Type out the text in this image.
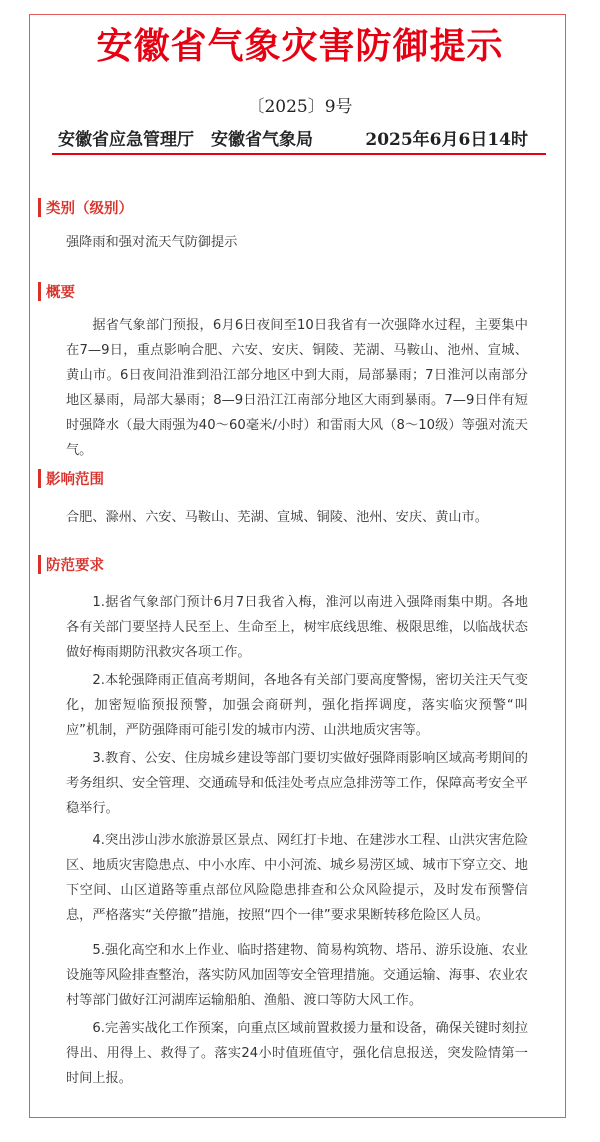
安徽省气象灾害防御提示
〔2025〕9号
安徽省应急管理厅　安徽省气象局	2025年6月6日14时
类别（级别）
强降雨和强对流天气防御提示
概要
据省气象部门预报，6月6日夜间至10日我省有一次强降水过程，主要集中在7—9日，重点影响合肥、六安、安庆、铜陵、芜湖、马鞍山、池州、宣城、黄山市。6日夜间沿淮到沿江部分地区中到大雨，局部暴雨；7日淮河以南部分地区暴雨，局部大暴雨；8—9日沿江江南部分地区大雨到暴雨。7—9日伴有短时强降水（最大雨强为40～60毫米/小时）和雷雨大风（8～10级）等强对流天气。
影响范围
合肥、滁州、六安、马鞍山、芜湖、宣城、铜陵、池州、安庆、黄山市。
防范要求
1.据省气象部门预计6月7日我省入梅，淮河以南进入强降雨集中期。各地各有关部门要坚持人民至上、生命至上，树牢底线思维、极限思维，以临战状态做好梅雨期防汛救灾各项工作。
2.本轮强降雨正值高考期间，各地各有关部门要高度警惕，密切关注天气变化，加密短临预报预警，加强会商研判，强化指挥调度，落实临灾预警“叫应”机制，严防强降雨可能引发的城市内涝、山洪地质灾害等。
3.教育、公安、住房城乡建设等部门要切实做好强降雨影响区域高考期间的考务组织、安全管理、交通疏导和低洼处考点应急排涝等工作，保障高考安全平稳举行。
4.突出涉山涉水旅游景区景点、网红打卡地、在建涉水工程、山洪灾害危险区、地质灾害隐患点、中小水库、中小河流、城乡易涝区域、城市下穿立交、地下空间、山区道路等重点部位风险隐患排查和公众风险提示，及时发布预警信息，严格落实“关停撤”措施，按照“四个一律”要求果断转移危险区人员。
5.强化高空和水上作业、临时搭建物、简易构筑物、塔吊、游乐设施、农业设施等风险排查整治，落实防风加固等安全管理措施。交通运输、海事、农业农村等部门做好江河湖库运输船舶、渔船、渡口等防大风工作。
6.完善实战化工作预案，向重点区域前置救援力量和设备，确保关键时刻拉得出、用得上、救得了。落实24小时值班值守，强化信息报送，突发险情第一时间上报。
